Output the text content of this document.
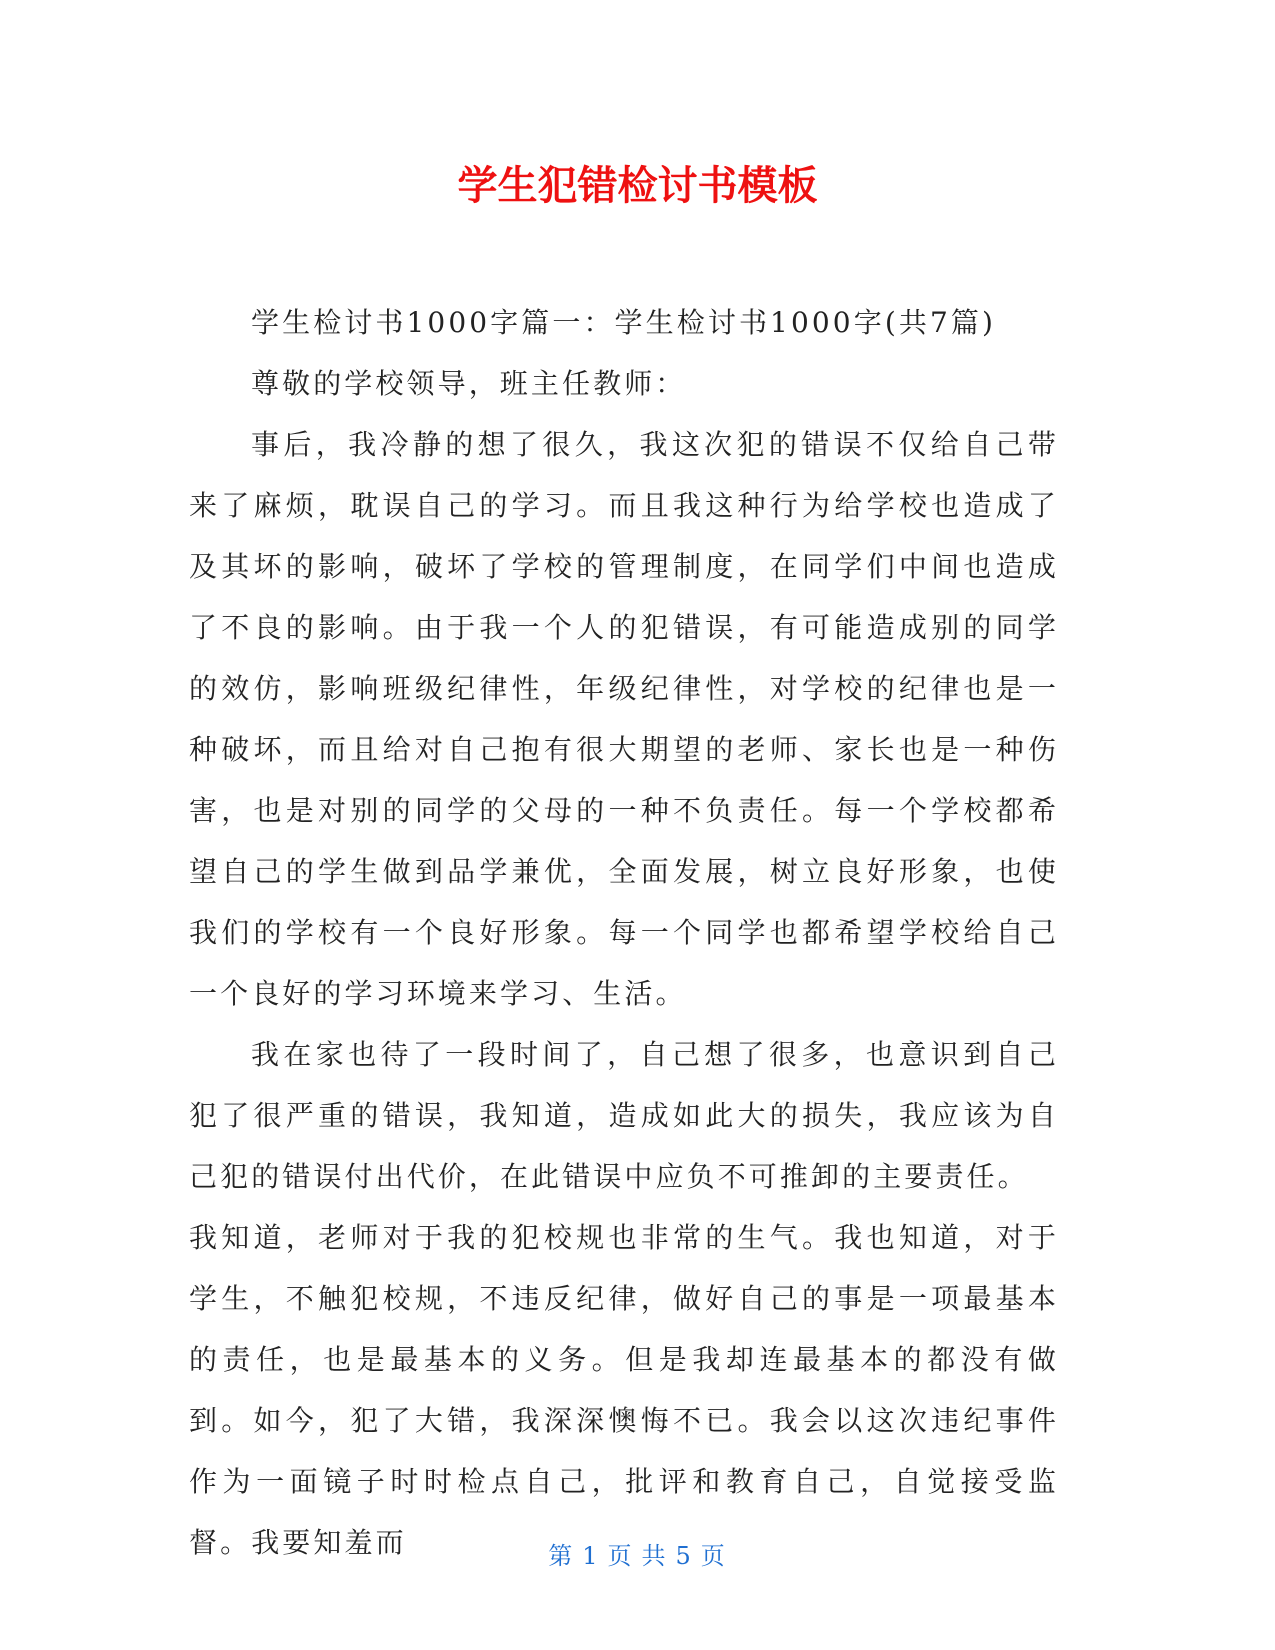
学生犯错检讨书模板

学生检讨书1000字篇一：学生检讨书1000字(共7篇)

尊敬的学校领导，班主任教师：

事后，我冷静的想了很久，我这次犯的错误不仅给自己带来了麻烦，耽误自己的学习。而且我这种行为给学校也造成了及其坏的影响，破坏了学校的管理制度，在同学们中间也造成了不良的影响。由于我一个人的犯错误，有可能造成别的同学的效仿，影响班级纪律性，年级纪律性，对学校的纪律也是一种破坏，而且给对自己抱有很大期望的老师、家长也是一种伤害，也是对别的同学的父母的一种不负责任。每一个学校都希望自己的学生做到品学兼优，全面发展，树立良好形象，也使我们的学校有一个良好形象。每一个同学也都希望学校给自己一个良好的学习环境来学习、生活。

我在家也待了一段时间了，自己想了很多，也意识到自己犯了很严重的错误，我知道，造成如此大的损失，我应该为自己犯的错误付出代价，在此错误中应负不可推卸的主要责任。

我知道，老师对于我的犯校规也非常的生气。我也知道，对于学生，不触犯校规，不违反纪律，做好自己的事是一项最基本的责任，也是最基本的义务。但是我却连最基本的都没有做到。如今，犯了大错，我深深懊悔不已。我会以这次违纪事件作为一面镜子时时检点自己，批评和教育自己，自觉接受监督。我要知羞而	第 1 页 共 5 页
